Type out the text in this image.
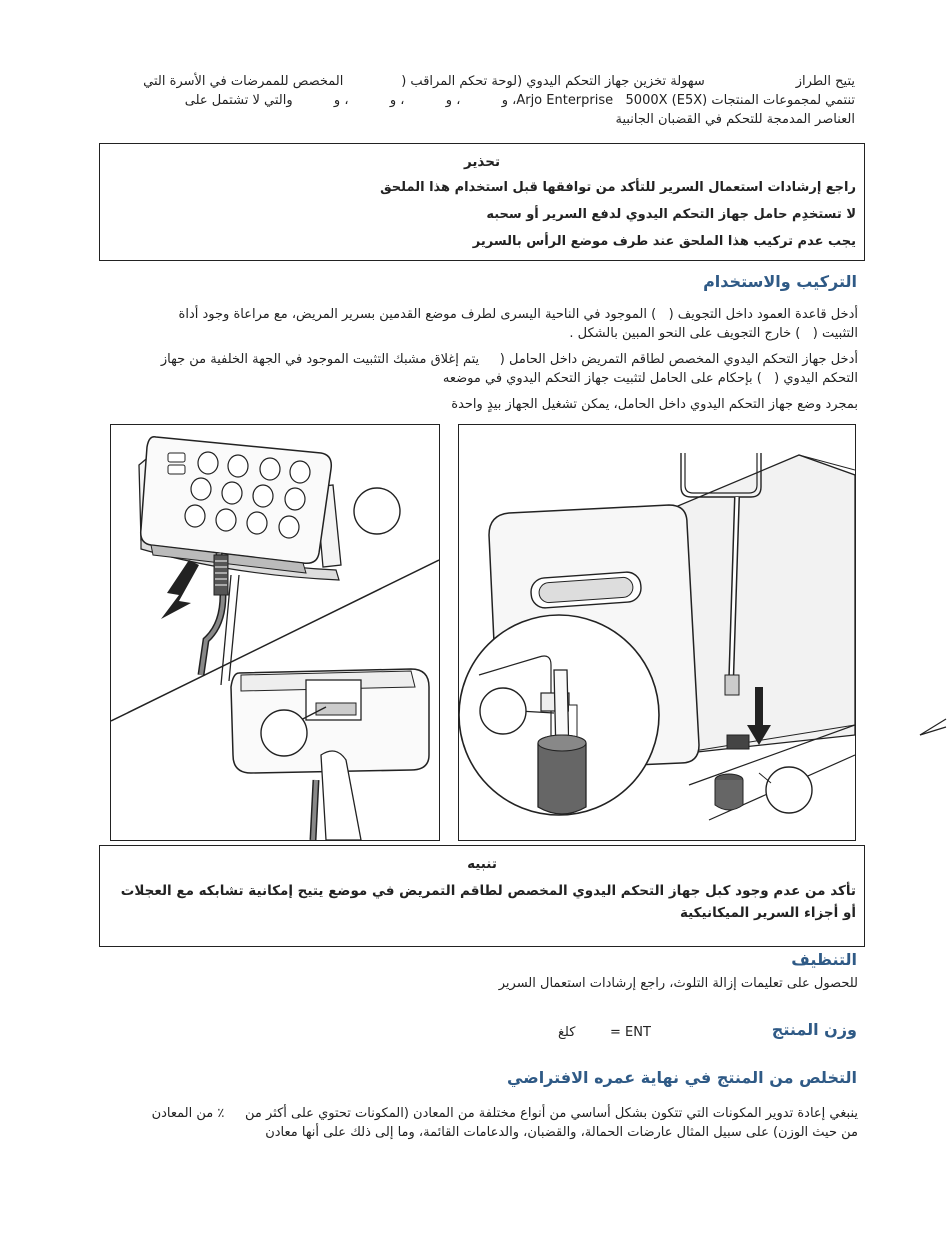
يتيح الطراز                      سهولة تخزين جهاز التحكم اليدوي (لوحة تحكم المراقب (              المخصص للممرضات في الأسرة التي
تنتمي لمجموعات المنتجات Arjo Enterprise   5000X (E5X)، و          ، و          ، و          ، و          والتي لا تشتمل على
العناصر المدمجة للتحكم في القضبان الجانبية
تحذير
راجع إرشادات استعمال السرير للتأكد من توافقها قبل استخدام هذا الملحق
لا تستخدِم حامل جهاز التحكم اليدوي لدفع السرير أو سحبه
يجب عدم تركيب هذا الملحق عند طرف موضع الرأس بالسرير
التركيب والاستخدام
أدخل قاعدة العمود داخل التجويف (   ) الموجود في الناحية اليسرى لطرف موضع القدمين بسرير المريض، مع مراعاة وجود أداة
التثبيت (   ) خارج التجويف على النحو المبين بالشكل .
أدخل جهاز التحكم اليدوي المخصص لطاقم التمريض داخل الحامل (     يتم إغلاق مشبك التثبيت الموجود في الجهة الخلفية من جهاز
التحكم اليدوي (   ) بإحكام على الحامل لتثبيت جهاز التحكم اليدوي في موضعه
بمجرد وضع جهاز التحكم اليدوي داخل الحامل، يمكن تشغيل الجهاز بيدٍ واحدة
تنبيه
تأكد من عدم وجود كبل جهاز التحكم اليدوي المخصص لطاقم التمريض في موضع يتيح إمكانية تشابكه مع العجلات
أو أجزاء السرير الميكانيكية
التنظيف
للحصول على تعليمات إزالة التلوث، راجع إرشادات استعمال السرير
وزن المنتج
= ENT
كلغ
التخلص من المنتج في نهاية عمره الافتراضي
ينبغي إعادة تدوير المكونات التي تتكون بشكل أساسي من أنواع مختلفة من المعادن (المكونات تحتوي على أكثر من     ٪ من المعادن
من حيث الوزن) على سبيل المثال عارضات الحمالة، والقضبان، والدعامات القائمة، وما إلى ذلك على أنها معادن
